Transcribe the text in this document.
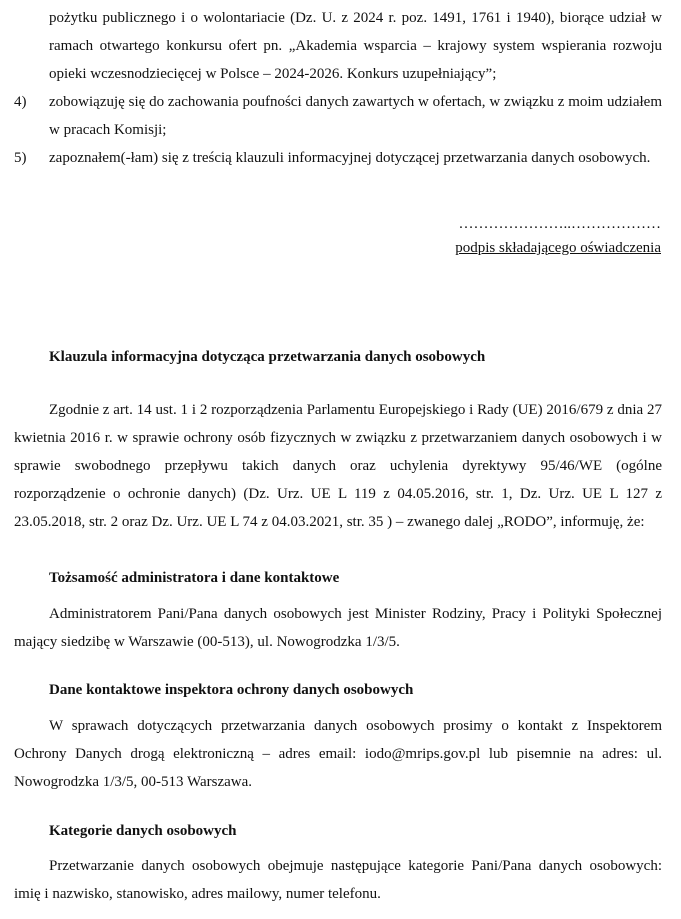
pożytku publicznego i o wolontariacie (Dz. U. z 2024 r. poz. 1491, 1761 i 1940), biorące udział w ramach otwartego konkursu ofert pn. „Akademia wsparcia – krajowy system wspierania rozwoju opieki wczesnodziecięcej w Polsce – 2024-2026. Konkurs uzupełniający”;

4) zobowiązuję się do zachowania poufności danych zawartych w ofertach, w związku z moim udziałem w pracach Komisji;

5) zapoznałem(-łam) się z treścią klauzuli informacyjnej dotyczącej przetwarzania danych osobowych.

…………………..………………
podpis składającego oświadczenia

Klauzula informacyjna dotycząca przetwarzania danych osobowych

Zgodnie z art. 14 ust. 1 i 2 rozporządzenia Parlamentu Europejskiego i Rady (UE) 2016/679 z dnia 27 kwietnia 2016 r. w sprawie ochrony osób fizycznych w związku z przetwarzaniem danych osobowych i w sprawie swobodnego przepływu takich danych oraz uchylenia dyrektywy 95/46/WE (ogólne rozporządzenie o ochronie danych) (Dz. Urz. UE L 119 z 04.05.2016, str. 1, Dz. Urz. UE L 127 z 23.05.2018, str. 2 oraz Dz. Urz. UE L 74 z 04.03.2021, str. 35 ) – zwanego dalej „RODO”, informuję, że:

Tożsamość administratora i dane kontaktowe

Administratorem Pani/Pana danych osobowych jest Minister Rodziny, Pracy i Polityki Społecznej mający siedzibę w Warszawie (00-513), ul. Nowogrodzka 1/3/5.

Dane kontaktowe inspektora ochrony danych osobowych

W sprawach dotyczących przetwarzania danych osobowych prosimy o kontakt z Inspektorem Ochrony Danych drogą elektroniczną – adres email: iodo@mrips.gov.pl lub pisemnie na adres: ul. Nowogrodzka 1/3/5, 00-513 Warszawa.

Kategorie danych osobowych

Przetwarzanie danych osobowych obejmuje następujące kategorie Pani/Pana danych osobowych: imię i nazwisko, stanowisko, adres mailowy, numer telefonu.
